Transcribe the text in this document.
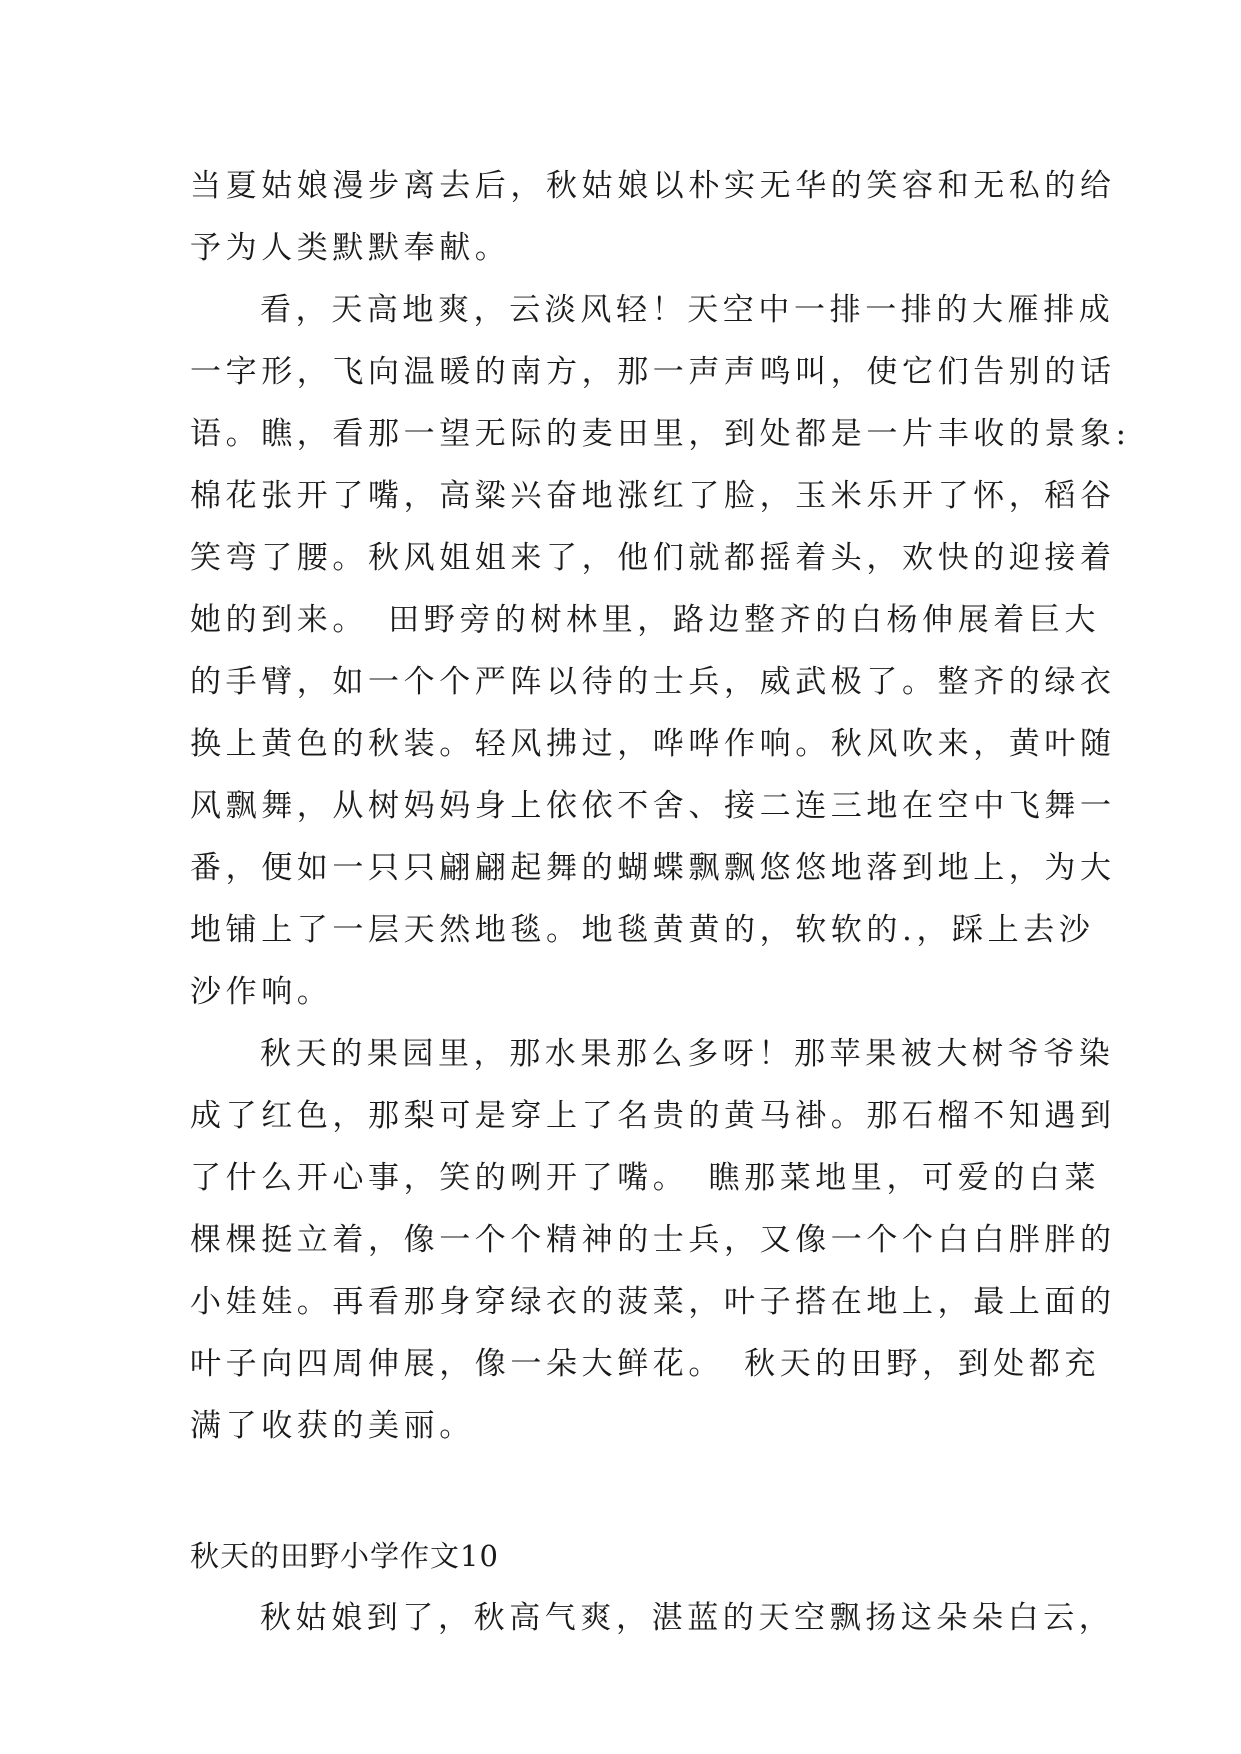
当夏姑娘漫步离去后，秋姑娘以朴实无华的笑容和无私的给
予为人类默默奉献。
看，天高地爽，云淡风轻！天空中一排一排的大雁排成
一字形，飞向温暖的南方，那一声声鸣叫，使它们告别的话
语。瞧，看那一望无际的麦田里，到处都是一片丰收的景象:
棉花张开了嘴，高粱兴奋地涨红了脸，玉米乐开了怀，稻谷
笑弯了腰。秋风姐姐来了，他们就都摇着头，欢快的迎接着
她的到来。　田野旁的树林里，路边整齐的白杨伸展着巨大
的手臂，如一个个严阵以待的士兵，威武极了。整齐的绿衣
换上黄色的秋装。轻风拂过，哗哗作响。秋风吹来，黄叶随
风飘舞，从树妈妈身上依依不舍、接二连三地在空中飞舞一
番，便如一只只翩翩起舞的蝴蝶飘飘悠悠地落到地上，为大
地铺上了一层天然地毯。地毯黄黄的，软软的.，踩上去沙
沙作响。
秋天的果园里，那水果那么多呀！那苹果被大树爷爷染
成了红色，那梨可是穿上了名贵的黄马褂。那石榴不知遇到
了什么开心事，笑的咧开了嘴。　瞧那菜地里，可爱的白菜
棵棵挺立着，像一个个精神的士兵，又像一个个白白胖胖的
小娃娃。再看那身穿绿衣的菠菜，叶子搭在地上，最上面的
叶子向四周伸展，像一朵大鲜花。　秋天的田野，到处都充
满了收获的美丽。
秋天的田野小学作文10
秋姑娘到了，秋高气爽，湛蓝的天空飘扬这朵朵白云，
